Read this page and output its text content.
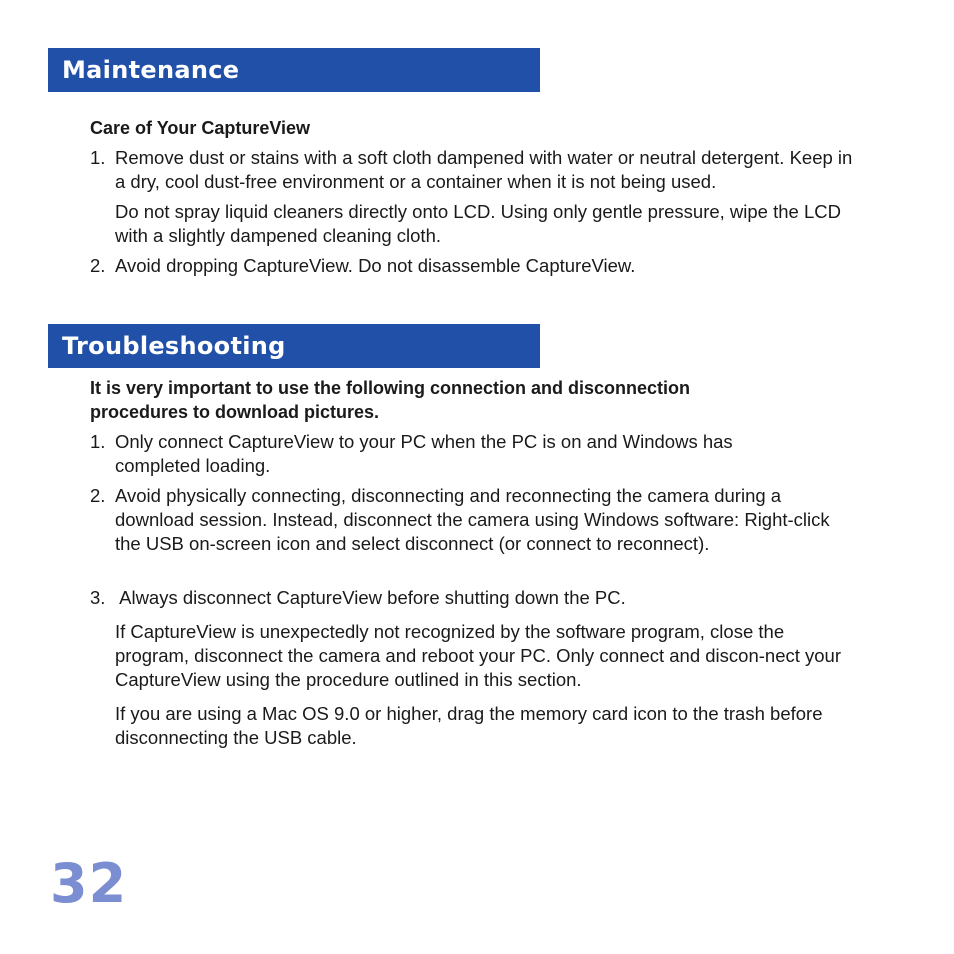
Maintenance

Care of Your CaptureView

1. Remove dust or stains with a soft cloth dampened with water or neutral detergent. Keep in a dry, cool dust-free environment or a container when it is not being used.

Do not spray liquid cleaners directly onto LCD. Using only gentle pressure, wipe the LCD with a slightly dampened cleaning cloth.

2. Avoid dropping CaptureView. Do not disassemble CaptureView.
Troubleshooting

It is very important to use the following connection and disconnection procedures to download pictures.

1. Only connect CaptureView to your PC when the PC is on and Windows has completed loading.
2. Avoid physically connecting, disconnecting and reconnecting the camera during a download session. Instead, disconnect the camera using Windows software: Right-click the USB on-screen icon and select disconnect (or connect to reconnect).
3. Always disconnect CaptureView before shutting down the PC.

If CaptureView is unexpectedly not recognized by the software program, close the program, disconnect the camera and reboot your PC. Only connect and discon-nect your CaptureView using the procedure outlined in this section.

If you are using a Mac OS 9.0 or higher, drag the memory card icon to the trash before disconnecting the USB cable.

32
